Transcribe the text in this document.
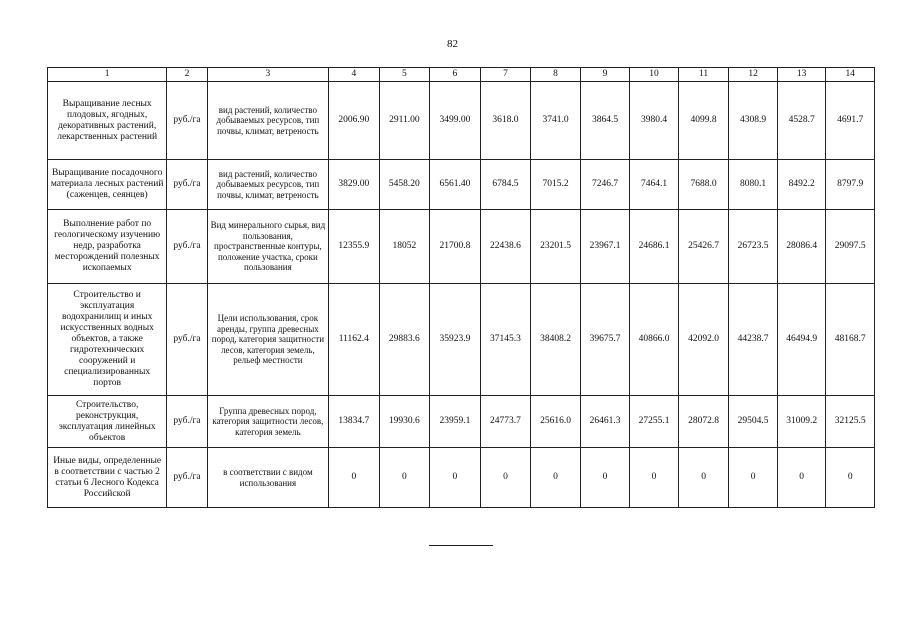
82
1	2	3	4	5	6	7	8	9	10	11	12	13	14
Выращивание лесных плодовых, ягодных, декоративных растений, лекарственных растений	руб./га	вид растений, количество добываемых ресурсов, тип почвы, климат, ветреность	2006.90	2911.00	3499.00	3618.0	3741.0	3864.5	3980.4	4099.8	4308.9	4528.7	4691.7
Выращивание посадочного материала лесных растений (саженцев, сеянцев)	руб./га	вид растений, количество добываемых ресурсов, тип почвы, климат, ветреность	3829.00	5458.20	6561.40	6784.5	7015.2	7246.7	7464.1	7688.0	8080.1	8492.2	8797.9
Выполнение работ по геологическому изучению недр, разработка месторождений полезных ископаемых	руб./га	Вид минерального сырья, вид пользования, пространственные контуры, положение участка, сроки пользования	12355.9	18052	21700.8	22438.6	23201.5	23967.1	24686.1	25426.7	26723.5	28086.4	29097.5
Строительство и эксплуатация водохранилищ и иных искусственных водных объектов, а также гидротехнических сооружений и специализированных портов	руб./га	Цели использования, срок аренды, группа древесных пород, категория защитности лесов, категория земель, рельеф местности	11162.4	29883.6	35923.9	37145.3	38408.2	39675.7	40866.0	42092.0	44238.7	46494.9	48168.7
Строительство, реконструкция, эксплуатация линейных объектов	руб./га	Группа древесных пород, категория защитности лесов, категория земель	13834.7	19930.6	23959.1	24773.7	25616.0	26461.3	27255.1	28072.8	29504.5	31009.2	32125.5
Иные виды, определенные в соответствии с частью 2 статьи 6 Лесного Кодекса Российской	руб./га	в соответствии с видом использования	0	0	0	0	0	0	0	0	0	0	0
